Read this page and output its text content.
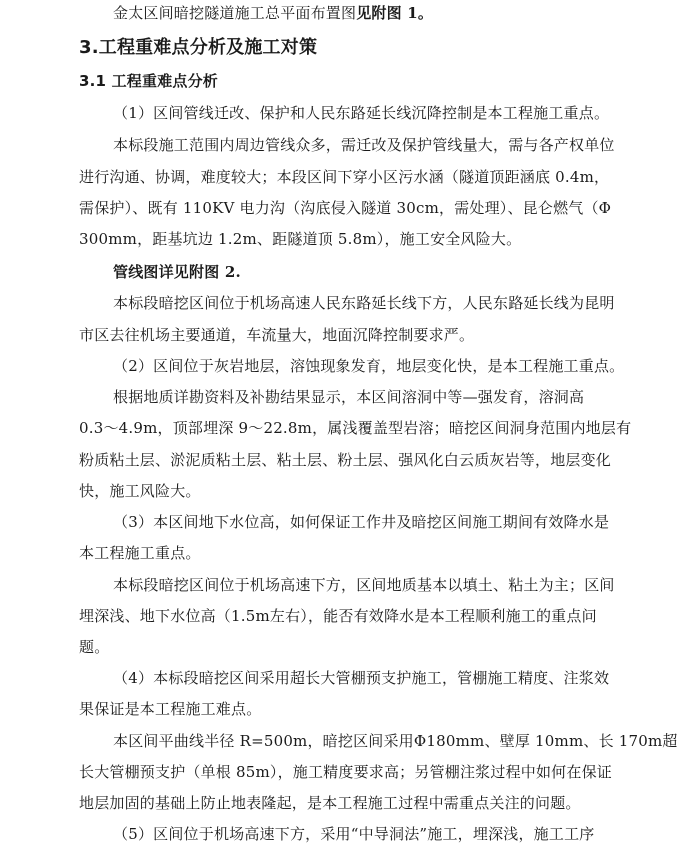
金太区间暗挖隧道施工总平面布置图见附图 1。
3.工程重难点分析及施工对策
3.1 工程重难点分析
（1）区间管线迁改、保护和人民东路延长线沉降控制是本工程施工重点。
本标段施工范围内周边管线众多，需迁改及保护管线量大，需与各产权单位
进行沟通、协调，难度较大；本段区间下穿小区污水涵（隧道顶距涵底 0.4m，
需保护）、既有 110KV 电力沟（沟底侵入隧道 30cm，需处理）、昆仑燃气（Φ
300mm，距基坑边 1.2m、距隧道顶 5.8m），施工安全风险大。
管线图详见附图 2.
本标段暗挖区间位于机场高速人民东路延长线下方，人民东路延长线为昆明
市区去往机场主要通道，车流量大，地面沉降控制要求严。
（2）区间位于灰岩地层，溶蚀现象发育，地层变化快，是本工程施工重点。
根据地质详勘资料及补勘结果显示，本区间溶洞中等—强发育，溶洞高
0.3～4.9m，顶部埋深 9～22.8m，属浅覆盖型岩溶；暗挖区间洞身范围内地层有
粉质粘土层、淤泥质粘土层、粘土层、粉土层、强风化白云质灰岩等，地层变化
快，施工风险大。
（3）本区间地下水位高，如何保证工作井及暗挖区间施工期间有效降水是
本工程施工重点。
本标段暗挖区间位于机场高速下方，区间地质基本以填土、粘土为主；区间
埋深浅、地下水位高（1.5m左右），能否有效降水是本工程顺利施工的重点问
题。
（4）本标段暗挖区间采用超长大管棚预支护施工，管棚施工精度、注浆效
果保证是本工程施工难点。
本区间平曲线半径 R=500m，暗挖区间采用Φ180mm、壁厚 10mm、长 170m超
长大管棚预支护（单根 85m），施工精度要求高；另管棚注浆过程中如何在保证
地层加固的基础上防止地表隆起，是本工程施工过程中需重点关注的问题。
（5）区间位于机场高速下方，采用“中导洞法”施工，埋深浅，施工工序
